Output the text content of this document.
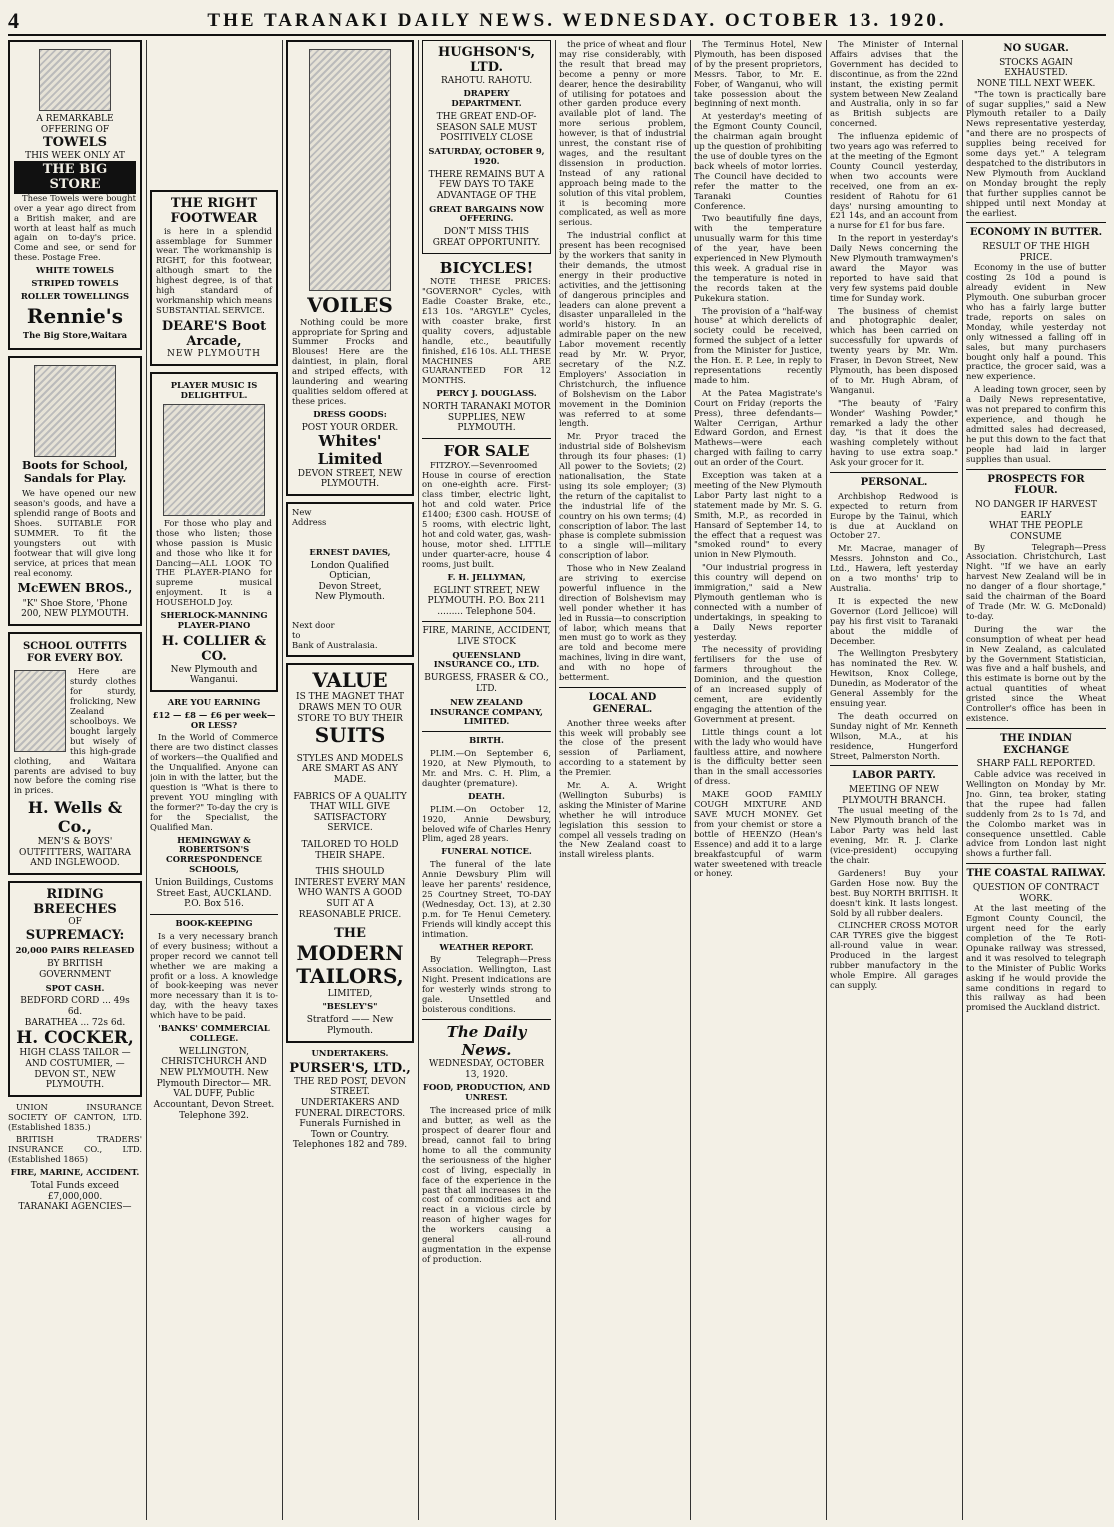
4	THE TARANAKI DAILY NEWS. WEDNESDAY. OCTOBER 13. 1920.
A REMARKABLE OFFERING OF
TOWELS
THIS WEEK ONLY AT
THE BIG STORE

These Towels were bought over a year ago direct from a British maker, and are worth at least half as much again on to-day's price. Come and see, or send for these. Postage Free.

WHITE TOWELS
STRIPED TOWELS
ROLLER TOWELLINGS
Rennie's
The Big Store,Waitara
Boots for School, Sandals for Play.

We have opened our new season's goods, and have a splendid range of Boots and Shoes. SUITABLE FOR SUMMER. To fit the youngsters out with footwear that will give long service, at prices that mean real economy.

McEWEN BROS.,
"K" Shoe Store, 'Phone 200, NEW PLYMOUTH.
SCHOOL OUTFITS FOR EVERY BOY.

Here are sturdy clothes for sturdy, frolicking, New Zealand schoolboys. We bought largely but wisely of this high-grade clothing, and Waitara parents are advised to buy now before the coming rise in prices.

H. Wells & Co.,
MEN'S & BOYS' OUTFITTERS, WAITARA AND INGLEWOOD.
RIDING
BREECHES
OF
SUPREMACY:
20,000 PAIRS RELEASED
BY BRITISH GOVERNMENT
SPOT CASH.
BEDFORD CORD ... 49s 6d.
BARATHEA ... 72s 6d.
H. COCKER,
HIGH CLASS TAILOR — AND COSTUMIER, — DEVON ST., NEW PLYMOUTH.

UNION INSURANCE SOCIETY OF CANTON, LTD. (Established 1835.)

BRITISH TRADERS' INSURANCE CO., LTD. (Established 1865)

FIRE, MARINE, ACCIDENT.
Total Funds exceed £7,000,000.
TARANAKI AGENCIES—
THE RIGHT FOOTWEAR

is here in a splendid assemblage for Summer wear. The workmanship is RIGHT, for this footwear, although smart to the highest degree, is of that high standard of workmanship which means SUBSTANTIAL SERVICE.

DEARE'S Boot Arcade,
NEW PLYMOUTH
PLAYER MUSIC IS DELIGHTFUL.

For those who play and those who listen; those whose passion is Music and those who like it for Dancing—ALL LOOK TO THE PLAYER-PIANO for supreme musical enjoyment. It is a HOUSEHOLD Joy.

SHERLOCK-MANNING PLAYER-PIANO
H. COLLIER & CO.
New Plymouth and Wanganui.
ARE YOU EARNING
£12 — £8 — £6 per week— OR LESS?

In the World of Commerce there are two distinct classes of workers—the Qualified and the Unqualified. Anyone can join in with the latter, but the question is "What is there to prevent YOU mingling with the former?" To-day the cry is for the Specialist, the Qualified Man.

HEMINGWAY & ROBERTSON'S CORRESPONDENCE SCHOOLS,
Union Buildings, Customs Street East, AUCKLAND. P.O. Box 516.
BOOK-KEEPING

Is a very necessary branch of every business; without a proper record we cannot tell whether we are making a profit or a loss. A knowledge of book-keeping was never more necessary than it is to-day, with the heavy taxes which have to be paid.

'BANKS' COMMERCIAL COLLEGE.
WELLINGTON, CHRISTCHURCH AND NEW PLYMOUTH. New Plymouth Director— MR. VAL DUFF, Public Accountant, Devon Street. Telephone 392.
VOILES

Nothing could be more appropriate for Spring and Summer Frocks and Blouses! Here are the daintiest, in plain, floral and striped effects, with laundering and wearing qualities seldom offered at these prices.

DRESS GOODS:
POST YOUR ORDER.
Whites' Limited
DEVON STREET, NEW PLYMOUTH.
New
Address
ERNEST DAVIES,
London Qualified Optician,
Devon Street,
New Plymouth.
Next door
to
Bank of Australasia.
VALUE
IS THE MAGNET THAT DRAWS MEN TO OUR STORE TO BUY THEIR
SUITS
STYLES AND MODELS ARE SMART AS ANY MADE.
FABRICS OF A QUALITY THAT WILL GIVE SATISFACTORY SERVICE.
TAILORED TO HOLD THEIR SHAPE.
THIS SHOULD INTEREST EVERY MAN WHO WANTS A GOOD SUIT AT A REASONABLE PRICE.
THE
MODERN
TAILORS,
LIMITED,
"BESLEY'S"
Stratford —— New Plymouth.
UNDERTAKERS.
PURSER'S, LTD.,
THE RED POST, DEVON STREET.
UNDERTAKERS AND FUNERAL DIRECTORS.
Funerals Furnished in Town or Country. Telephones 182 and 789.
HUGHSON'S, LTD.
RAHOTU. RAHOTU.
DRAPERY DEPARTMENT.
THE GREAT END-OF-SEASON SALE MUST POSITIVELY CLOSE
SATURDAY, OCTOBER 9, 1920.
THERE REMAINS BUT A FEW DAYS TO TAKE ADVANTAGE OF THE
GREAT BARGAINS NOW OFFERING.
DON'T MISS THIS GREAT OPPORTUNITY.
BICYCLES!

NOTE THESE PRICES: "GOVERNOR" Cycles, with Eadie Coaster Brake, etc., £13 10s. "ARGYLE" Cycles, with coaster brake, first quality covers, adjustable handle, etc., beautifully finished, £16 10s. ALL THESE MACHINES ARE GUARANTEED FOR 12 MONTHS.

PERCY J. DOUGLASS.
NORTH TARANAKI MOTOR SUPPLIES, NEW PLYMOUTH.
FOR SALE

FITZROY.—Sevenroomed House in course of erection on one-eighth acre. First-class timber, electric light, hot and cold water. Price £1400; £300 cash. HOUSE of 5 rooms, with electric light, hot and cold water, gas, wash-house, motor shed. LITTLE under quarter-acre, house 4 rooms, just built.

F. H. JELLYMAN,
EGLINT STREET, NEW PLYMOUTH. P.O. Box 211 ......... Telephone 504.
FIRE, MARINE, ACCIDENT, LIVE STOCK
QUEENSLAND INSURANCE CO., LTD.
BURGESS, FRASER & CO., LTD.
NEW ZEALAND INSURANCE COMPANY, LIMITED.
BIRTH.

PLIM.—On September 6, 1920, at New Plymouth, to Mr. and Mrs. C. H. Plim, a daughter (premature).

DEATH.

PLIM.—On October 12, 1920, Annie Dewsbury, beloved wife of Charles Henry Plim, aged 28 years.

FUNERAL NOTICE.

The funeral of the late Annie Dewsbury Plim will leave her parents' residence, 25 Courtney Street, TO-DAY (Wednesday, Oct. 13), at 2.30 p.m. for Te Henui Cemetery. Friends will kindly accept this intimation.

WEATHER REPORT.

By Telegraph—Press Association. Wellington, Last Night. Present indications are for westerly winds strong to gale. Unsettled and boisterous conditions.

The Daily News.
WEDNESDAY, OCTOBER 13, 1920.
FOOD, PRODUCTION, AND UNREST.

The increased price of milk and butter, as well as the prospect of dearer flour and bread, cannot fail to bring home to all the community the seriousness of the higher cost of living, especially in face of the experience in the past that all increases in the cost of commodities act and react in a vicious circle by reason of higher wages for the workers causing a general all-round augmentation in the expense of production.

the price of wheat and flour may rise considerably, with the result that bread may become a penny or more dearer, hence the desirability of utilising for potatoes and other garden produce every available plot of land. The more serious problem, however, is that of industrial unrest, the constant rise of wages, and the resultant dissension in production. Instead of any rational approach being made to the solution of this vital problem, it is becoming more complicated, as well as more serious.

The industrial conflict at present has been recognised by the workers that sanity in their demands, the utmost energy in their productive activities, and the jettisoning of dangerous principles and leaders can alone prevent a disaster unparalleled in the world's history. In an admirable paper on the new Labor movement recently read by Mr. W. Pryor, secretary of the N.Z. Employers' Association in Christchurch, the influence of Bolshevism on the Labor movement in the Dominion was referred to at some length.

Mr. Pryor traced the industrial side of Bolshevism through its four phases: (1) All power to the Soviets; (2) nationalisation, the State using its sole employer; (3) the return of the capitalist to the industrial life of the country on his own terms; (4) conscription of labor. The last phase is complete submission to a single will—military conscription of labor.

Those who in New Zealand are striving to exercise powerful influence in the direction of Bolshevism may well ponder whether it has led in Russia—to conscription of labor, which means that men must go to work as they are told and become mere machines, living in dire want, and with no hope of betterment.

LOCAL AND GENERAL.

Another three weeks after this week will probably see the close of the present session of Parliament, according to a statement by the Premier.

Mr. A. A. Wright (Wellington Suburbs) is asking the Minister of Marine whether he will introduce legislation this session to compel all vessels trading on the New Zealand coast to install wireless plants.

The Terminus Hotel, New Plymouth, has been disposed of by the present proprietors, Messrs. Tabor, to Mr. E. Fober, of Wanganui, who will take possession about the beginning of next month.

At yesterday's meeting of the Egmont County Council, the chairman again brought up the question of prohibiting the use of double tyres on the back wheels of motor lorries. The Council have decided to refer the matter to the Taranaki Counties Conference.

Two beautifully fine days, with the temperature unusually warm for this time of the year, have been experienced in New Plymouth this week. A gradual rise in the temperature is noted in the records taken at the Pukekura station.

The provision of a "half-way house" at which derelicts of society could be received, formed the subject of a letter from the Minister for Justice, the Hon. E. P. Lee, in reply to representations recently made to him.

At the Patea Magistrate's Court on Friday (reports the Press), three defendants—Walter Cerrigan, Arthur Edward Gordon, and Ernest Mathews—were each charged with failing to carry out an order of the Court.

Exception was taken at a meeting of the New Plymouth Labor Party last night to a statement made by Mr. S. G. Smith, M.P., as recorded in Hansard of September 14, to the effect that a request was "smoked round" to every union in New Plymouth.

"Our industrial progress in this country will depend on immigration," said a New Plymouth gentleman who is connected with a number of undertakings, in speaking to a Daily News reporter yesterday.

The necessity of providing fertilisers for the use of farmers throughout the Dominion, and the question of an increased supply of cement, are evidently engaging the attention of the Government at present.

Little things count a lot with the lady who would have faultless attire, and nowhere is the difficulty better seen than in the small accessories of dress.

MAKE GOOD FAMILY COUGH MIXTURE AND SAVE MUCH MONEY. Get from your chemist or store a bottle of HEENZO (Hean's Essence) and add it to a large breakfastcupful of warm water sweetened with treacle or honey.

The Minister of Internal Affairs advises that the Government has decided to discontinue, as from the 22nd instant, the existing permit system between New Zealand and Australia, only in so far as British subjects are concerned.

The influenza epidemic of two years ago was referred to at the meeting of the Egmont County Council yesterday, when two accounts were received, one from an ex-resident of Rahotu for 61 days' nursing amounting to £21 14s, and an account from a nurse for £1 for bus fare.

In the report in yesterday's Daily News concerning the New Plymouth tramwaymen's award the Mayor was reported to have said that very few systems paid double time for Sunday work.

The business of chemist and photographic dealer, which has been carried on successfully for upwards of twenty years by Mr. Wm. Fraser, in Devon Street, New Plymouth, has been disposed of to Mr. Hugh Abram, of Wanganui.

"The beauty of 'Fairy Wonder' Washing Powder," remarked a lady the other day, "is that it does the washing completely without having to use extra soap." Ask your grocer for it.

PERSONAL.

Archbishop Redwood is expected to return from Europe by the Tainui, which is due at Auckland on October 27.

Mr. Macrae, manager of Messrs. Johnston and Co., Ltd., Hawera, left yesterday on a two months' trip to Australia.

It is expected the new Governor (Lord Jellicoe) will pay his first visit to Taranaki about the middle of December.

The Wellington Presbytery has nominated the Rev. W. Hewitson, Knox College, Dunedin, as Moderator of the General Assembly for the ensuing year.

The death occurred on Sunday night of Mr. Kenneth Wilson, M.A., at his residence, Hungerford Street, Palmerston North.

LABOR PARTY.
MEETING OF NEW PLYMOUTH BRANCH.

The usual meeting of the New Plymouth branch of the Labor Party was held last evening, Mr. R. J. Clarke (vice-president) occupying the chair.

Gardeners! Buy your Garden Hose now. Buy the best. Buy NORTH BRITISH. It doesn't kink. It lasts longest. Sold by all rubber dealers.

CLINCHER CROSS MOTOR CAR TYRES give the biggest all-round value in wear. Produced in the largest rubber manufactory in the whole Empire. All garages can supply.

NO SUGAR.
STOCKS AGAIN EXHAUSTED.
NONE TILL NEXT WEEK.

"The town is practically bare of sugar supplies," said a New Plymouth retailer to a Daily News representative yesterday, "and there are no prospects of supplies being received for some days yet." A telegram despatched to the distributors in New Plymouth from Auckland on Monday brought the reply that further supplies cannot be shipped until next Monday at the earliest.

ECONOMY IN BUTTER.
RESULT OF THE HIGH PRICE.

Economy in the use of butter costing 2s 10d a pound is already evident in New Plymouth. One suburban grocer who has a fairly large butter trade, reports on sales on Monday, while yesterday not only witnessed a falling off in sales, but many purchasers bought only half a pound. This practice, the grocer said, was a new experience.

A leading town grocer, seen by a Daily News representative, was not prepared to confirm this experience, and though he admitted sales had decreased, he put this down to the fact that people had laid in larger supplies than usual.

PROSPECTS FOR FLOUR.
NO DANGER IF HARVEST EARLY
WHAT THE PEOPLE CONSUME

By Telegraph—Press Association. Christchurch, Last Night. "If we have an early harvest New Zealand will be in no danger of a flour shortage," said the chairman of the Board of Trade (Mr. W. G. McDonald) to-day.

During the war the consumption of wheat per head in New Zealand, as calculated by the Government Statistician, was five and a half bushels, and this estimate is borne out by the actual quantities of wheat gristed since the Wheat Controller's office has been in existence.

THE INDIAN EXCHANGE
SHARP FALL REPORTED.

Cable advice was received in Wellington on Monday by Mr. Jno. Ginn, tea broker, stating that the rupee had fallen suddenly from 2s to 1s 7d, and the Colombo market was in consequence unsettled. Cable advice from London last night shows a further fall.

THE COASTAL RAILWAY.
QUESTION OF CONTRACT WORK.

At the last meeting of the Egmont County Council, the urgent need for the early completion of the Te Roti-Opunake railway was stressed, and it was resolved to telegraph to the Minister of Public Works asking if he would provide the same conditions in regard to this railway as had been promised the Auckland district.
